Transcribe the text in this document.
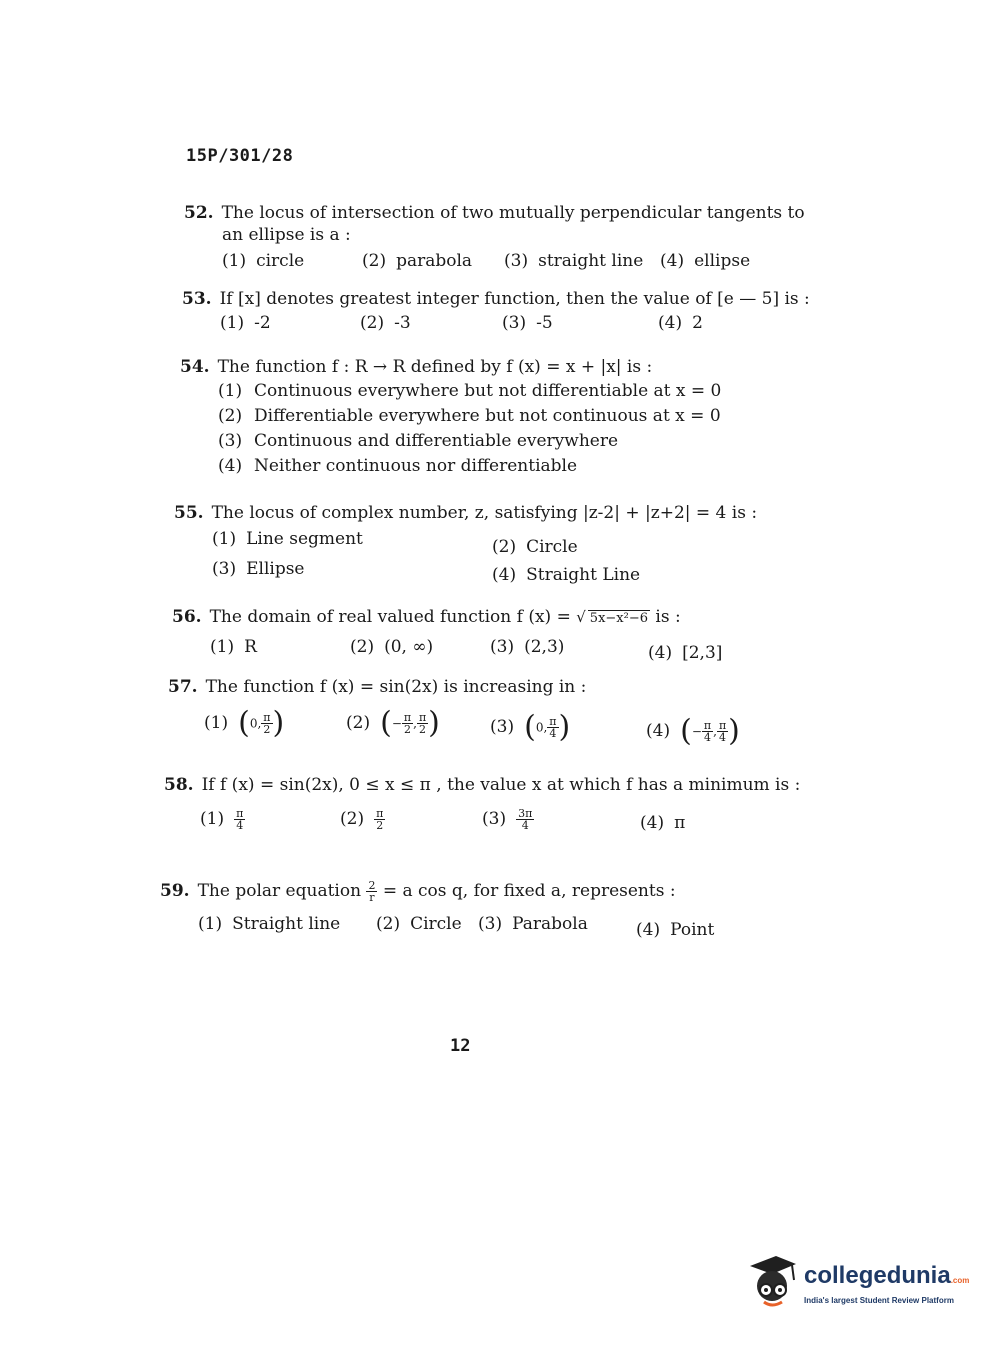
15P/301/28
52. The locus of intersection of two mutually perpendicular tangents to
an ellipse is a :
(1) circle	(2) parabola (3) straight line (4) ellipse
53. If [x] denotes greatest integer function, then the value of [e — 5] is :
(1) -2	(2) -3	(3) -5	(4) 2
54. The function f : R → R defined by f (x) = x + |x| is :
(1) Continuous everywhere but not differentiable at x = 0
(2) Differentiable everywhere but not continuous at x = 0
(3) Continuous and differentiable everywhere
(4) Neither continuous nor differentiable
55. The locus of complex number, z, satisfying |z-2| + |z+2| = 4 is :
(1) Line segment	(2) Circle
(3) Ellipse	(4) Straight Line
56. The domain of real valued function f (x) = √ 5x−x²−6 is :
(1) R	(2) (0, ∞)	(3) (2,3)	(4) [2,3]
57. The function f (x) = sin(2x) is increasing in :
(1) (0, $\frac{\pi}{2}$ )	(2) (− $\frac{\pi}{2}$ , $\frac{\pi}{2}$ )	(3) (0, $\frac{\pi}{4}$ )	(4) (− $\frac{\pi}{4}$ , $\frac{\pi}{4}$ )
58. If f (x) = sin(2x), 0 ≤ x ≤ π , the value x at which f has a minimum is :
$(1) \frac{\pi}{4}$	$(2) \frac{\pi}{2}$	$(3) \frac{3\pi}{4}$	(4) π
59. The polar equation $\frac{2}{r} = a$ cos q, for fixed a, represents :
(1) Straight line (2) Circle (3) Parabola	(4) Point
12
collegedunia.com
India's largest Student Review Platform
